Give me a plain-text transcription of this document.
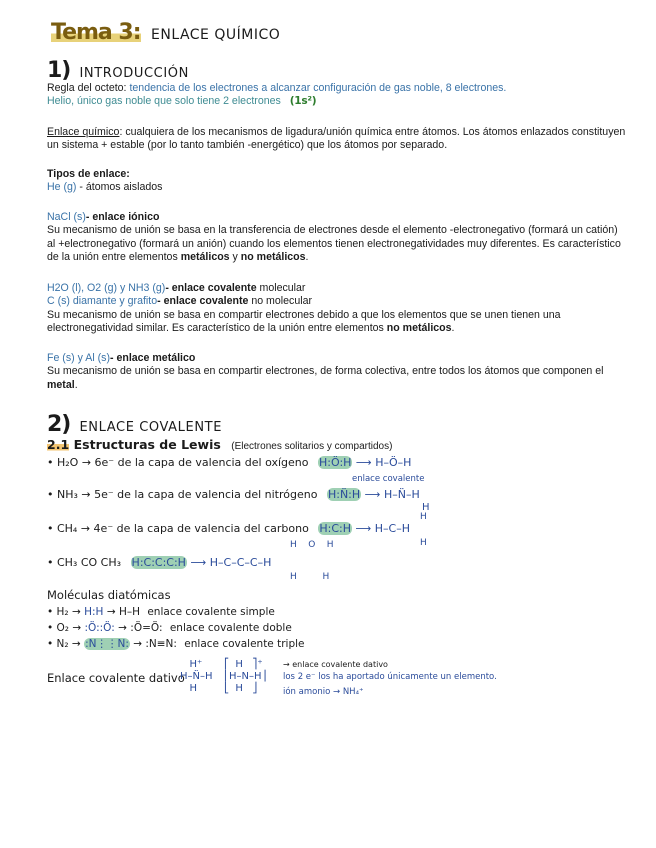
Tema 3: ENLACE QUÍMICO
1) INTRODUCCIÓN
Regla del octeto: tendencia de los electrones a alcanzar configuración de gas noble, 8 electrones.
Helio, único gas noble que solo tiene 2 electrones (1s²)
Enlace químico: cualquiera de los mecanismos de ligadura/unión química entre átomos. Los átomos enlazados constituyen un sistema + estable (por lo tanto también -energético) que los átomos por separado.
Tipos de enlace:
He (g) - átomos aislados
NaCl (s)- enlace iónico
Su mecanismo de unión se basa en la transferencia de electrones desde el elemento -electronegativo (formará un catión) al +electronegativo (formará un anión) cuando los elementos tienen electronegatividades muy diferentes. Es característico de la unión entre elementos metálicos y no metálicos.
H2O (l), O2 (g) y NH3 (g)- enlace covalente molecular
C (s) diamante y grafito- enlace covalente no molecular
Su mecanismo de unión se basa en compartir electrones debido a que los elementos que se unen tienen una electronegatividad similar. Es característico de la unión entre elementos no metálicos.
Fe (s) y Al (s)- enlace metálico
Su mecanismo de unión se basa en compartir electrones, de forma colectiva, entre todos los átomos que componen el metal.
2) ENLACE COVALENTE
2.1 Estructuras de Lewis (Electrones solitarios y compartidos)
• H₂O → 6e⁻ de la capa de valencia del oxígeno H:Ö:H ⟶ H–Ö–H
enlace covalente
• NH₃ → 5e⁻ de la capa de valencia del nitrógeno H:N̈:H ⟶ H–N̈–H
H
• CH₄ → 4e⁻ de la capa de valencia del carbono H:C:H ⟶ H–C–H
H
H
• CH₃ CO CH₃ H:C:C:C:H ⟶ H–C–C–C–H
H    O    H
H         H
Moléculas diatómicas
• H₂ → H:H → H–H enlace covalente simple
• O₂ → :Ö::Ö: → :Ö=Ö: enlace covalente doble
• N₂ → :N⋮⋮N: → :N≡N: enlace covalente triple
Enlace covalente dativo
H⁺
H–N̈–H
H
⎡  H   ⎤⁺
⎢H–N–H⎥
⎣  H   ⎦
→ enlace covalente dativo
los 2 e⁻ los ha aportado únicamente un elemento.
ión amonio → NH₄⁺
